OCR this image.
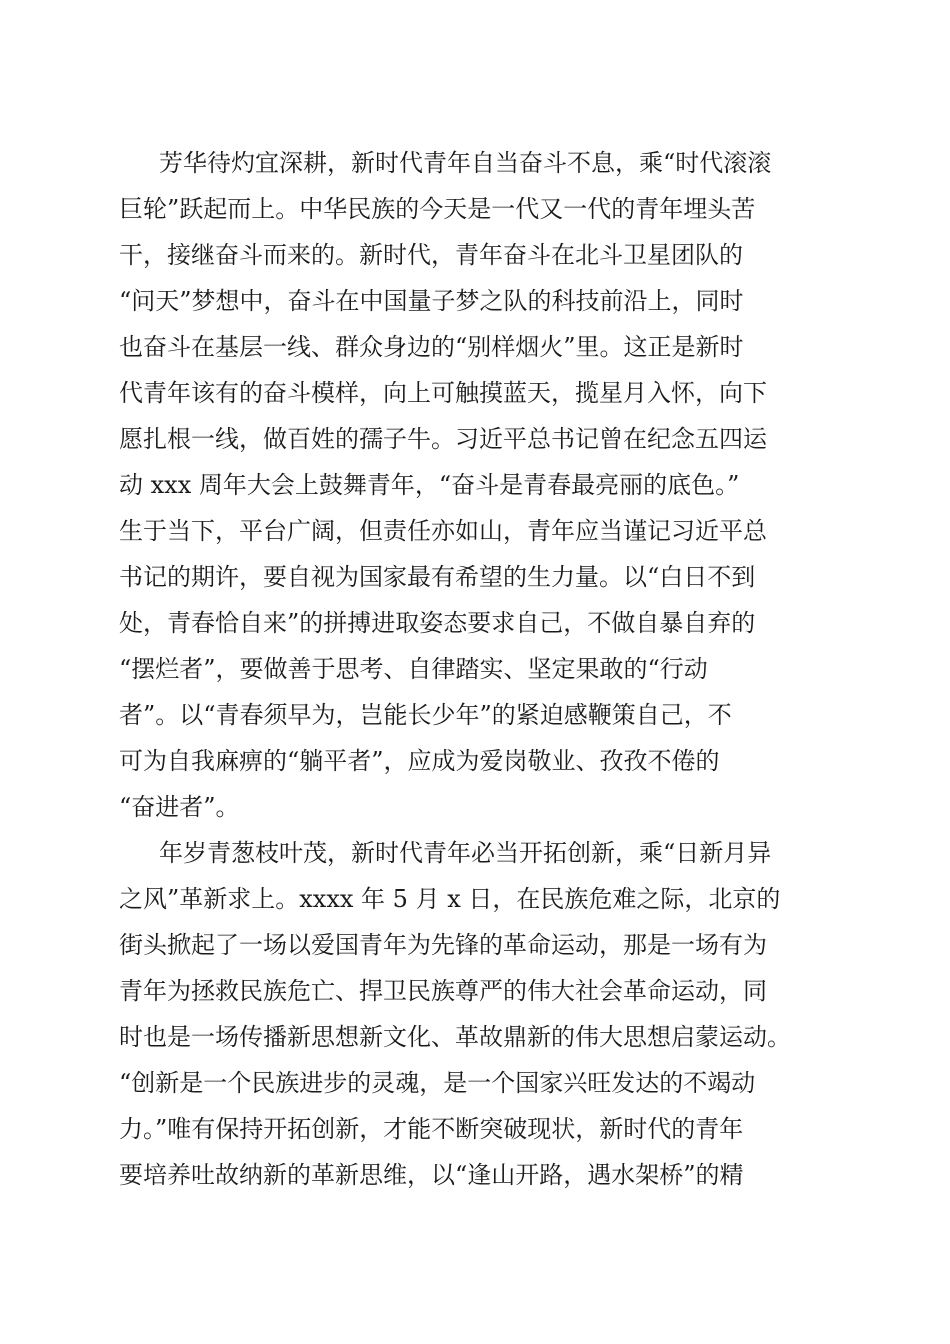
芳华待灼宜深耕，新时代青年自当奋斗不息，乘“时代滚滚
巨轮”跃起而上。中华民族的今天是一代又一代的青年埋头苦
干，接继奋斗而来的。新时代，青年奋斗在北斗卫星团队的
“问天”梦想中，奋斗在中国量子梦之队的科技前沿上，同时
也奋斗在基层一线、群众身边的“别样烟火”里。这正是新时
代青年该有的奋斗模样，向上可触摸蓝天，揽星月入怀，向下
愿扎根一线，做百姓的孺子牛。习近平总书记曾在纪念五四运
动 xxx 周年大会上鼓舞青年，“奋斗是青春最亮丽的底色。”
生于当下，平台广阔，但责任亦如山，青年应当谨记习近平总
书记的期许，要自视为国家最有希望的生力量。以“白日不到
处，青春恰自来”的拼搏进取姿态要求自己，不做自暴自弃的
“摆烂者”，要做善于思考、自律踏实、坚定果敢的“行动
者”。以“青春须早为，岂能长少年”的紧迫感鞭策自己，不
可为自我麻痹的“躺平者”，应成为爱岗敬业、孜孜不倦的
“奋进者”。
年岁青葱枝叶茂，新时代青年必当开拓创新，乘“日新月异
之风”革新求上。xxxx 年 5 月 x 日，在民族危难之际，北京的
街头掀起了一场以爱国青年为先锋的革命运动，那是一场有为
青年为拯救民族危亡、捍卫民族尊严的伟大社会革命运动，同
时也是一场传播新思想新文化、革故鼎新的伟大思想启蒙运动。
“创新是一个民族进步的灵魂，是一个国家兴旺发达的不竭动
力。”唯有保持开拓创新，才能不断突破现状，新时代的青年
要培养吐故纳新的革新思维，以“逢山开路，遇水架桥”的精
